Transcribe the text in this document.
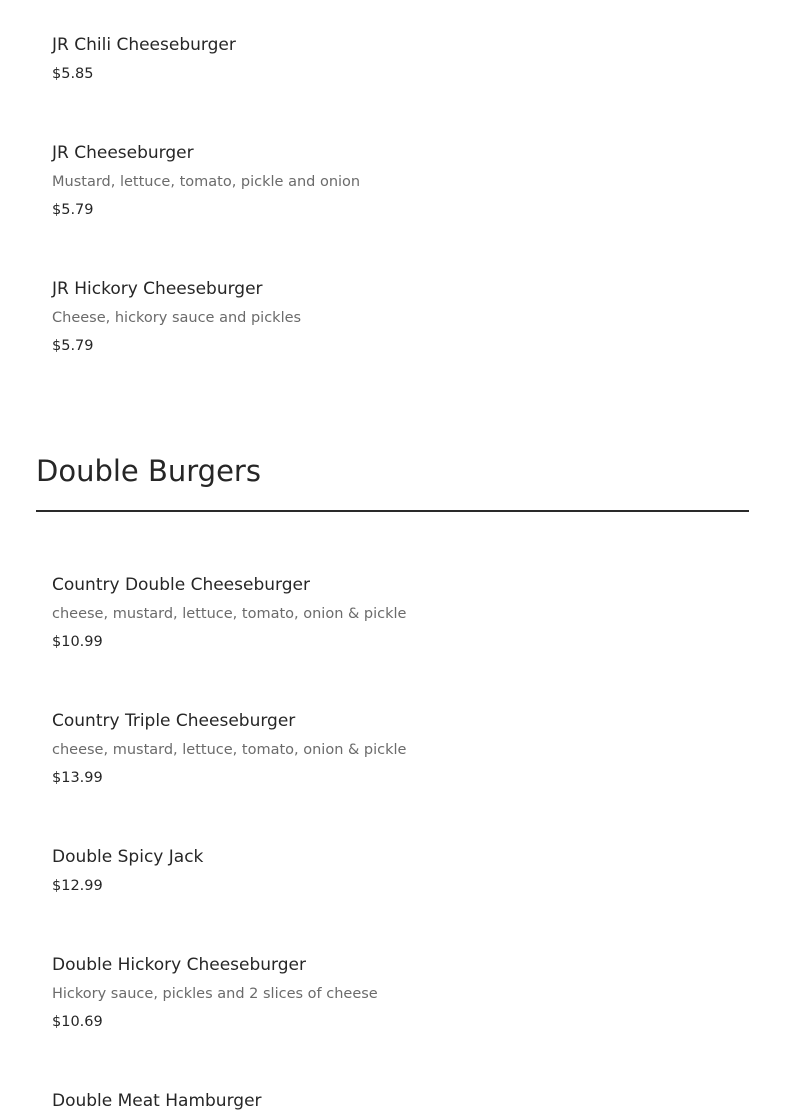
JR Chili Cheeseburger
$5.85
JR Cheeseburger
Mustard, lettuce, tomato, pickle and onion
$5.79
JR Hickory Cheeseburger
Cheese, hickory sauce and pickles
$5.79
Double Burgers
Country Double Cheeseburger
cheese, mustard, lettuce, tomato, onion & pickle
$10.99
Country Triple Cheeseburger
cheese, mustard, lettuce, tomato, onion & pickle
$13.99
Double Spicy Jack
$12.99
Double Hickory Cheeseburger
Hickory sauce, pickles and 2 slices of cheese
$10.69
Double Meat Hamburger
